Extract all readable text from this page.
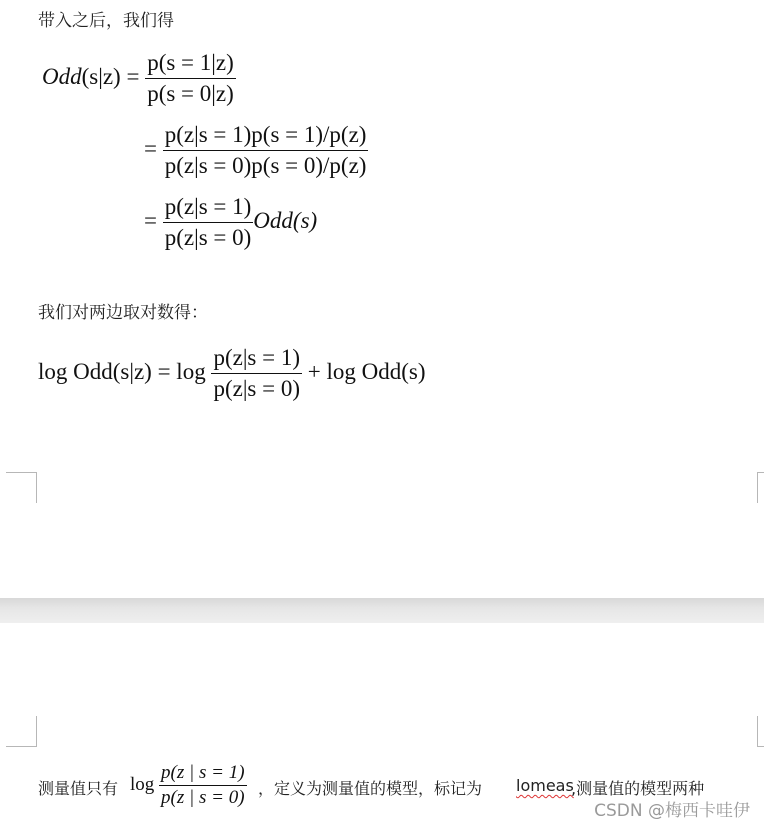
带入之后，我们得
$Odd(s|z) = \frac{p(s = 1|z)}{p(s = 0|z)}$
= $\frac{p(z|s = 1)p(s = 1)/p(z)}{p(z|s = 0)p(s = 0)/p(z)}$
= $\frac{p(z|s = 1)}{p(z|s = 0)} Odd(s)$
我们对两边取对数得：
$\log Odd(s|z) = \log \frac{p(z|s = 1)}{p(z|s = 0)} + \log Odd(s)$
测量值只有 $\log \frac{p(z | s = 1)}{p(z | s = 0)}$ ，定义为测量值的模型，标记为 lomeas
,测量值的模型两种
CSDN @梅西卡哇伊
